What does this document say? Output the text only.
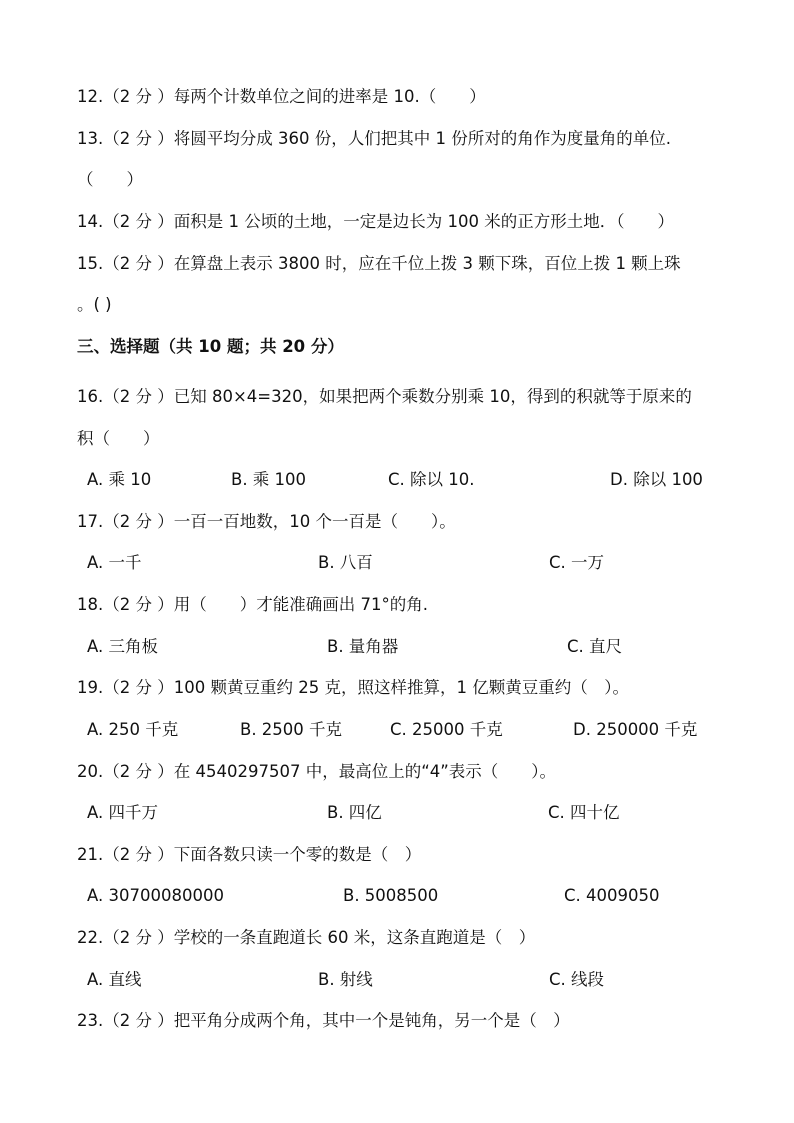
12.（2 分 ）每两个计数单位之间的进率是 10.（　　）
13.（2 分 ）将圆平均分成 360 份，人们把其中 1 份所对的角作为度量角的单位.
（　　）
14.（2 分 ）面积是 1 公顷的土地，一定是边长为 100 米的正方形土地．（　　）
15.（2 分 ）在算盘上表示 3800 时，应在千位上拨 3 颗下珠，百位上拨 1 颗上珠
。( )
三、选择题（共 10 题；共 20 分）
16.（2 分 ）已知 80×4=320，如果把两个乘数分别乘 10，得到的积就等于原来的
积（　　）
A. 乘 10	B. 乘 100	C. 除以 10.	D. 除以 100
17.（2 分 ）一百一百地数，10 个一百是（　　）。
A. 一千	B. 八百	C. 一万
18.（2 分 ）用（　　）才能准确画出 71°的角.
A. 三角板	B. 量角器	C. 直尺
19.（2 分 ）100 颗黄豆重约 25 克，照这样推算，1 亿颗黄豆重约（　）。
A. 250 千克	B. 2500 千克	C. 25000 千克	D. 250000 千克
20.（2 分 ）在 4540297507 中，最高位上的“4”表示（　　）。
A. 四千万	B. 四亿	C. 四十亿
21.（2 分 ）下面各数只读一个零的数是（　）
A. 30700080000	B. 5008500	C. 4009050
22.（2 分 ）学校的一条直跑道长 60 米，这条直跑道是（　）
A. 直线	B. 射线	C. 线段
23.（2 分 ）把平角分成两个角，其中一个是钝角，另一个是（　）
